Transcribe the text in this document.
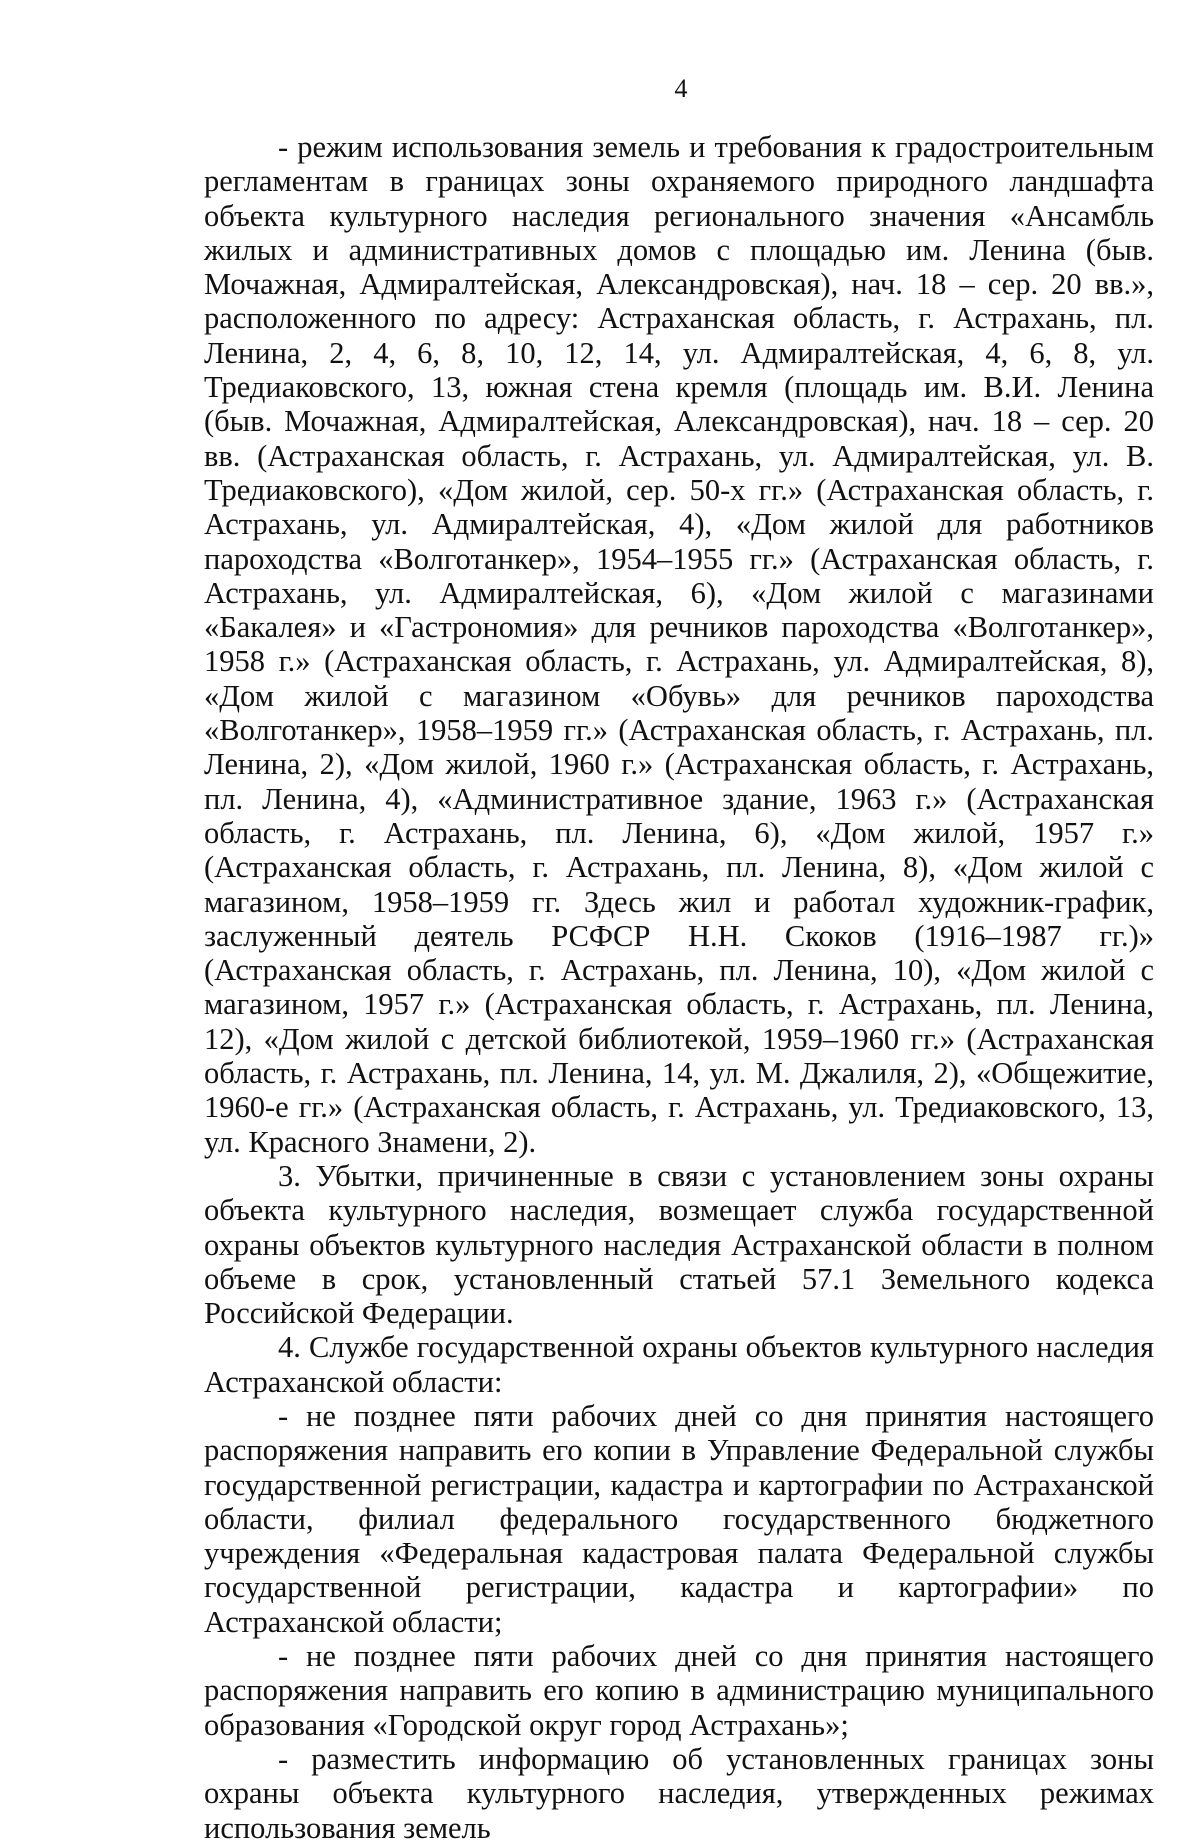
4

- режим использования земель и требования к градостроительным регламентам в границах зоны охраняемого природного ландшафта объекта культурного наследия регионального значения «Ансамбль жилых и административных домов с площадью им. Ленина (быв. Мочажная, Адмиралтейская, Александровская), нач. 18 – сер. 20 вв.», расположенного по адресу: Астраханская область, г. Астрахань, пл. Ленина, 2, 4, 6, 8, 10, 12, 14, ул. Адмиралтейская, 4, 6, 8, ул. Тредиаковского, 13, южная стена кремля (площадь им. В.И. Ленина (быв. Мочажная, Адмиралтейская, Александровская), нач. 18 – сер. 20 вв. (Астраханская область, г. Астрахань, ул. Адмиралтейская, ул. В. Тредиаковского), «Дом жилой, сер. 50-х гг.» (Астраханская область, г. Астрахань, ул. Адмиралтейская, 4), «Дом жилой для работников пароходства «Волготанкер», 1954–1955 гг.» (Астраханская область, г. Астрахань, ул. Адмиралтейская, 6), «Дом жилой с магазинами «Бакалея» и «Гастрономия» для речников пароходства «Волготанкер», 1958 г.» (Астраханская область, г. Астрахань, ул. Адмиралтейская, 8), «Дом жилой с магазином «Обувь» для речников пароходства «Волготанкер», 1958–1959 гг.» (Астраханская область, г. Астрахань, пл. Ленина, 2), «Дом жилой, 1960 г.» (Астраханская область, г. Астрахань, пл. Ленина, 4), «Административное здание, 1963 г.» (Астраханская область, г. Астрахань, пл. Ленина, 6), «Дом жилой, 1957 г.» (Астраханская область, г. Астрахань, пл. Ленина, 8), «Дом жилой с магазином, 1958–1959 гг. Здесь жил и работал художник-график, заслуженный деятель РСФСР Н.Н. Скоков (1916–1987 гг.)» (Астраханская область, г. Астрахань, пл. Ленина, 10), «Дом жилой с магазином, 1957 г.» (Астраханская область, г. Астрахань, пл. Ленина, 12), «Дом жилой с детской библиотекой, 1959–1960 гг.» (Астраханская область, г. Астрахань, пл. Ленина, 14, ул. М. Джалиля, 2), «Общежитие, 1960-е гг.» (Астраханская область, г. Астрахань, ул. Тредиаковского, 13, ул. Красного Знамени, 2).

3. Убытки, причиненные в связи с установлением зоны охраны объекта культурного наследия, возмещает служба государственной охраны объектов культурного наследия Астраханской области в полном объеме в срок, установленный статьей 57.1 Земельного кодекса Российской Федерации.

4. Службе государственной охраны объектов культурного наследия Астраханской области:

- не позднее пяти рабочих дней со дня принятия настоящего распоряжения направить его копии в Управление Федеральной службы государственной регистрации, кадастра и картографии по Астраханской области, филиал федерального государственного бюджетного учреждения «Федеральная кадастровая палата Федеральной службы государственной регистрации, кадастра и картографии» по Астраханской области;

- не позднее пяти рабочих дней со дня принятия настоящего распоряжения направить его копию в администрацию муниципального образования «Городской округ город Астрахань»;

- разместить информацию об установленных границах зоны охраны объекта культурного наследия, утвержденных режимах использования земель
